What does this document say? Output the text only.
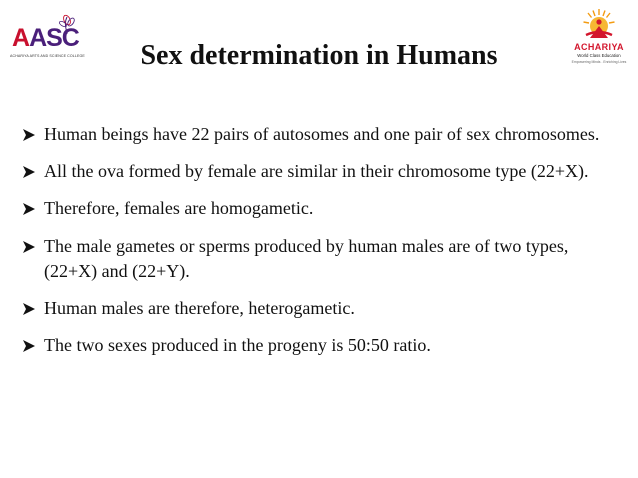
AASC
ACHARIYA ARTS AND SCIENCE COLLEGE	Sex determination in Humans	ACHARIYA
World Class Education
Empowering Minds . Enriching Lives
Human beings have 22 pairs of autosomes and one pair of sex chromosomes.
All the ova formed by female are similar in their chromosome type (22+X).
Therefore, females are homogametic.
The male gametes or sperms produced by human males are of two types, (22+X) and (22+Y).
Human males are therefore, heterogametic.
The two sexes produced in the progeny is 50:50 ratio.
